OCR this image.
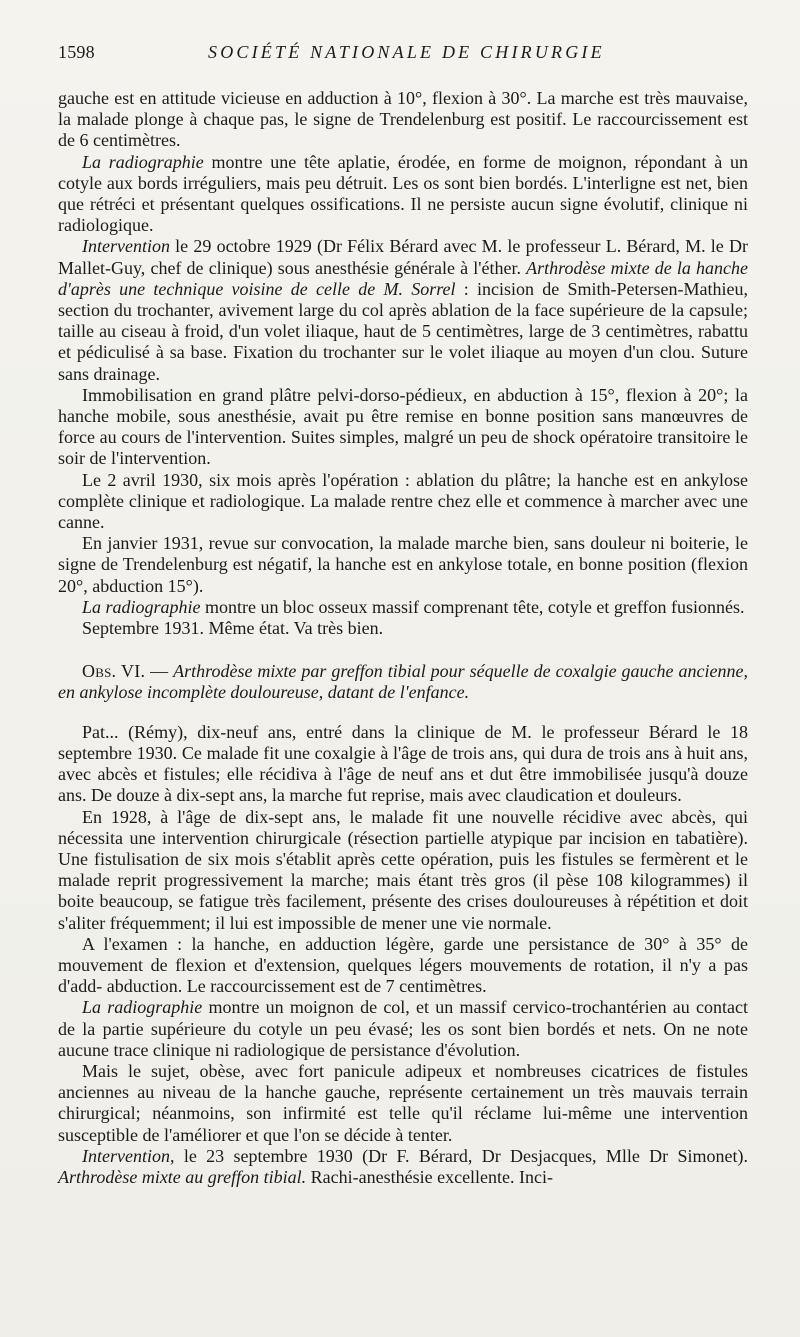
1598	SOCIÉTÉ NATIONALE DE CHIRURGIE

gauche est en attitude vicieuse en adduction à 10°, flexion à 30°. La marche est très mauvaise, la malade plonge à chaque pas, le signe de Trendelenburg est positif. Le raccourcissement est de 6 centimètres.

La radiographie montre une tête aplatie, érodée, en forme de moignon, répondant à un cotyle aux bords irréguliers, mais peu détruit. Les os sont bien bordés. L'interligne est net, bien que rétréci et présentant quelques ossifications. Il ne persiste aucun signe évolutif, clinique ni radiologique.

Intervention le 29 octobre 1929 (Dr Félix Bérard avec M. le professeur L. Bérard, M. le Dr Mallet-Guy, chef de clinique) sous anesthésie générale à l'éther. Arthrodèse mixte de la hanche d'après une technique voisine de celle de M. Sorrel : incision de Smith-Petersen-Mathieu, section du trochanter, avivement large du col après ablation de la face supérieure de la capsule; taille au ciseau à froid, d'un volet iliaque, haut de 5 centimètres, large de 3 centimètres, rabattu et pédiculisé à sa base. Fixation du trochanter sur le volet iliaque au moyen d'un clou. Suture sans drainage.

Immobilisation en grand plâtre pelvi-dorso-pédieux, en abduction à 15°, flexion à 20°; la hanche mobile, sous anesthésie, avait pu être remise en bonne position sans manœuvres de force au cours de l'intervention. Suites simples, malgré un peu de shock opératoire transitoire le soir de l'intervention.

Le 2 avril 1930, six mois après l'opération : ablation du plâtre; la hanche est en ankylose complète clinique et radiologique. La malade rentre chez elle et commence à marcher avec une canne.

En janvier 1931, revue sur convocation, la malade marche bien, sans douleur ni boiterie, le signe de Trendelenburg est négatif, la hanche est en ankylose totale, en bonne position (flexion 20°, abduction 15°).

La radiographie montre un bloc osseux massif comprenant tête, cotyle et greffon fusionnés.

Septembre 1931. Même état. Va très bien.

Obs. VI. — Arthrodèse mixte par greffon tibial pour séquelle de coxalgie gauche ancienne, en ankylose incomplète douloureuse, datant de l'enfance.

Pat... (Rémy), dix-neuf ans, entré dans la clinique de M. le professeur Bérard le 18 septembre 1930. Ce malade fit une coxalgie à l'âge de trois ans, qui dura de trois ans à huit ans, avec abcès et fistules; elle récidiva à l'âge de neuf ans et dut être immobilisée jusqu'à douze ans. De douze à dix-sept ans, la marche fut reprise, mais avec claudication et douleurs.

En 1928, à l'âge de dix-sept ans, le malade fit une nouvelle récidive avec abcès, qui nécessita une intervention chirurgicale (résection partielle atypique par incision en tabatière). Une fistulisation de six mois s'établit après cette opération, puis les fistules se fermèrent et le malade reprit progressivement la marche; mais étant très gros (il pèse 108 kilogrammes) il boite beaucoup, se fatigue très facilement, présente des crises douloureuses à répétition et doit s'aliter fréquemment; il lui est impossible de mener une vie normale.

A l'examen : la hanche, en adduction légère, garde une persistance de 30° à 35° de mouvement de flexion et d'extension, quelques légers mouvements de rotation, il n'y a pas d'add- abduction. Le raccourcissement est de 7 centimètres.

La radiographie montre un moignon de col, et un massif cervico-trochantérien au contact de la partie supérieure du cotyle un peu évasé; les os sont bien bordés et nets. On ne note aucune trace clinique ni radiologique de persistance d'évolution.

Mais le sujet, obèse, avec fort panicule adipeux et nombreuses cicatrices de fistules anciennes au niveau de la hanche gauche, représente certainement un très mauvais terrain chirurgical; néanmoins, son infirmité est telle qu'il réclame lui-même une intervention susceptible de l'améliorer et que l'on se décide à tenter.

Intervention, le 23 septembre 1930 (Dr F. Bérard, Dr Desjacques, Mlle Dr Simonet). Arthrodèse mixte au greffon tibial. Rachi-anesthésie excellente. Inci-
